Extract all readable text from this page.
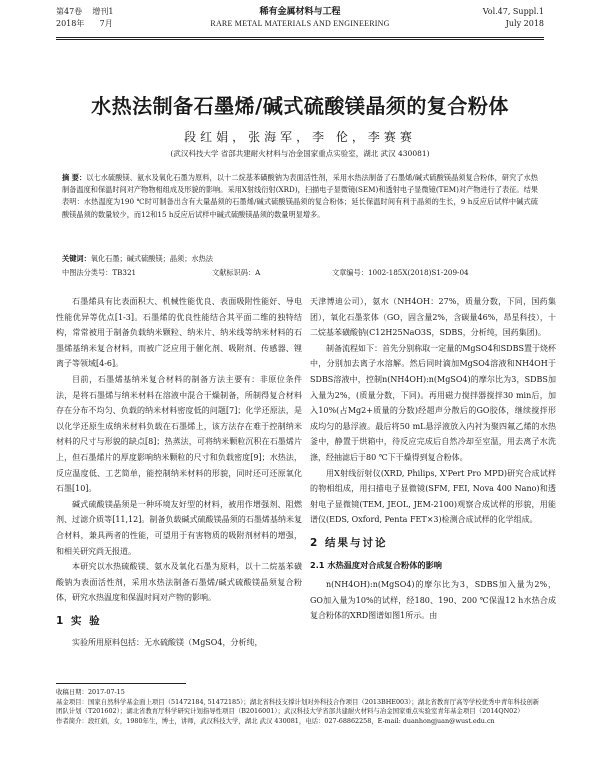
第47卷 增刊1
2018年 7月
稀有金属材料与工程
RARE METAL MATERIALS AND ENGINEERING
Vol.47, Suppl.1
July 2018
水热法制备石墨烯/碱式硫酸镁晶须的复合粉体
段红娟，张海军，李 伦，李赛赛
(武汉科技大学 省部共建耐火材料与冶金国家重点实验室，湖北 武汉 430081)
摘 要：以七水硫酸镁、氨水及氧化石墨为原料，以十二烷基苯磺酸钠为表面活性剂，采用水热法制备了石墨烯/碱式硫酸镁晶须复合粉体，研究了水热制备温度和保温时间对产物物相组成及形貌的影响。采用X射线衍射(XRD)，扫描电子显微镜(SEM)和透射电子显微镜(TEM)对产物进行了表征。结果表明：水热温度为190 ℃时可制备出含有大量晶须的石墨烯/碱式硫酸镁晶须的复合粉体；延长保温时间有利于晶须的生长，9 h反应后试样中碱式硫酸镁晶须的数量较少，而12和15 h反应后试样中碱式硫酸镁晶须的数量明显增多。
关键词：氧化石墨；碱式硫酸镁；晶须；水热法
中图法分类号：TB321	文献标识码：A	文章编号：1002-185X(2018)S1-209-04

石墨烯具有比表面积大、机械性能优良、表面吸附性能好、导电性能优异等优点[1-3]。石墨烯的优良性能结合其平面二维的独特结构，常常被用于制备负载纳米颗粒、纳米片、纳米线等纳米材料的石墨烯基纳米复合材料，而被广泛应用于催化剂、吸附剂、传感器、锂离子等领域[4-6]。

目前，石墨烯基纳米复合材料的制备方法主要有：非原位条件法，是将石墨烯与纳米材料在溶液中混合干燥制备，所制得复合材料存在分布不均匀、负载的纳米材料密度低的问题[7]；化学还原法，是以化学还原生成纳米材料负载在石墨烯上，该方法存在难于控制纳米材料的尺寸与形貌的缺点[8]；热蒸法，可将纳米颗粒沉积在石墨烯片上，但石墨烯片的厚度影响纳米颗粒的尺寸和负载密度[9]；水热法，反应温度低、工艺简单，能控制纳米材料的形貌，同时还可还原氧化石墨[10]。

碱式硫酸镁晶须是一种环境友好型的材料，被用作增强剂、阻燃剂、过滤介质等[11,12]。制备负载碱式硫酸镁晶须的石墨烯基纳米复合材料，兼具两者的性能，可望用于有害物质的吸附剂材料的增强，和相关研究尚无报道。

本研究以水热硫酸镁、氨水及氧化石墨为原料，以十二烷基苯磺酸钠为表面活性剂，采用水热法制备石墨烯/碱式硫酸镁晶须复合粉体，研究水热温度和保温时间对产物的影响。

1 实 验

实验所用原料包括：无水硫酸镁（MgSO4，分析纯，

天津博迪公司），氨水（NH4OH：27%，质量分数，下同，国药集团），氧化石墨浆体（GO，固含量2%，含碳量46%，昂星科技），十二烷基苯磺酸钠(C12H25NaO3S，SDBS，分析纯，国药集团)。

制备流程如下：首先分别称取一定量的MgSO4和SDBS置于烧杯中，分别加去离子水溶解。然后同时滴加MgSO4溶液和NH4OH于SDBS溶液中，控制n(NH4OH):n(MgSO4)的摩尔比为3，SDBS加入量为2%，(质量分数，下同)。再用磁力搅拌器搅拌30 min后，加入10%(占Mg2+质量的分数)经超声分散后的GO胶体，继续搅拌形成均匀的悬浮液。最后将50 mL悬浮液放入内衬为聚四氟乙烯的水热釜中，静置于烘箱中，待反应完成后自然冷却至室温，用去离子水洗涤，经抽滤后于80 ℃下干燥得到复合粉体。

用X射线衍射仪(XRD, Philips, X'Pert Pro MPD)研究合成试样的物相组成，用扫描电子显微镜(SFM, FEI, Nova 400 Nano)和透射电子显微镜(TEM, JEOL, JEM-2100)观察合成试样的形貌，用能谱仪(EDS, Oxford, Penta FET×3)检测合成试样的化学组成。

2 结果与讨论
2.1 水热温度对合成复合粉体的影响

n(NH4OH):n(MgSO4)的摩尔比为3，SDBS加入量为2%，GO加入量为10%的试样，经180、190、200 ℃保温12 h水热合成复合粉体的XRD图谱如图1所示。由

收稿日期：2017-07-15
基金项目：国家自然科学基金面上项目（51472184, 51472185）；湖北省科技支撑计划对外科技合作项目（2013BHE003）；湖北省教育厅高等学校优秀中青年科技创新团队计划（T201602）；湖北省教育厅科学研究计划指导性项目（B2016001）；武汉科技大学省部共建耐火材料与冶金国家重点实验室青年基金项目（2014QN02）
作者简介：段红娟，女，1980年生，博士，讲师，武汉科技大学，湖北 武汉 430081，电话：027-68862258，E-mail: duanhongjuan@wust.edu.cn
